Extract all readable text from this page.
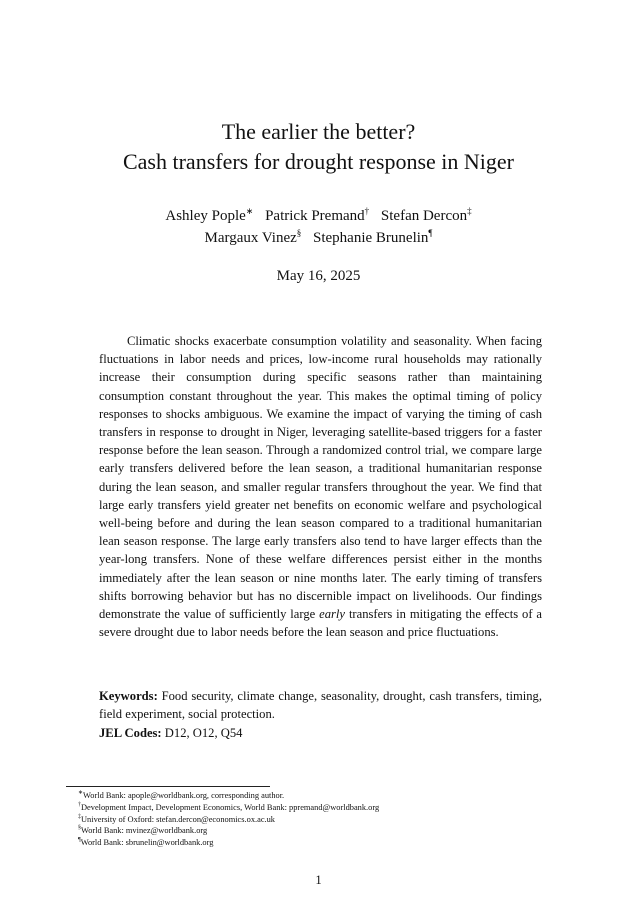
The earlier the better?
Cash transfers for drought response in Niger
Ashley Pople∗ Patrick Premand† Stefan Dercon‡
Margaux Vinez§ Stephanie Brunelin¶
May 16, 2025

Climatic shocks exacerbate consumption volatility and seasonality. When facing fluctuations in labor needs and prices, low-income rural households may rationally increase their consumption during specific seasons rather than maintaining consumption constant throughout the year. This makes the optimal timing of policy responses to shocks ambiguous. We examine the impact of varying the timing of cash transfers in response to drought in Niger, leveraging satellite-based triggers for a faster response before the lean season. Through a randomized control trial, we compare large early transfers delivered before the lean season, a traditional humanitarian response during the lean season, and smaller regular transfers throughout the year. We find that large early transfers yield greater net benefits on economic welfare and psychological well-being before and during the lean season compared to a traditional humanitarian lean season response. The large early transfers also tend to have larger effects than the year-long transfers. None of these welfare differences persist either in the months immediately after the lean season or nine months later. The early timing of transfers shifts borrowing behavior but has no discernible impact on livelihoods. Our findings demonstrate the value of sufficiently large early transfers in mitigating the effects of a severe drought due to labor needs before the lean season and price fluctuations.

Keywords: Food security, climate change, seasonality, drought, cash transfers, timing, field experiment, social protection.

JEL Codes: D12, O12, Q54

∗World Bank: apople@worldbank.org, corresponding author.
†Development Impact, Development Economics, World Bank: ppremand@worldbank.org
‡University of Oxford: stefan.dercon@economics.ox.ac.uk
§World Bank: mvinez@worldbank.org
¶World Bank: sbrunelin@worldbank.org
1
